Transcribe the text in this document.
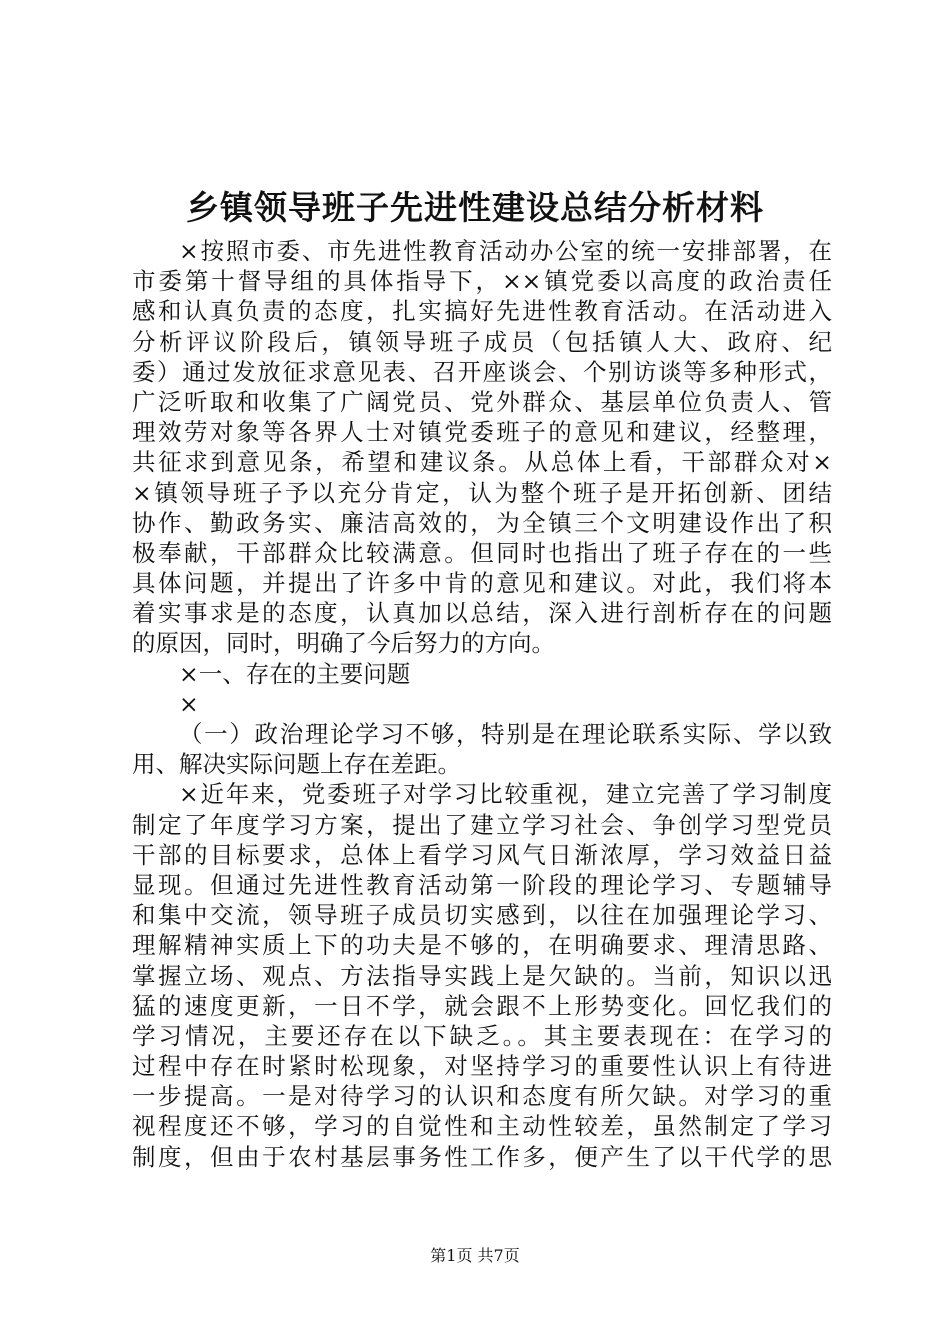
乡镇领导班子先进性建设总结分析材料
×按照市委、市先进性教育活动办公室的统一安排部署，在
市委第十督导组的具体指导下，××镇党委以高度的政治责任
感和认真负责的态度，扎实搞好先进性教育活动。在活动进入
分析评议阶段后，镇领导班子成员（包括镇人大、政府、纪
委）通过发放征求意见表、召开座谈会、个别访谈等多种形式，
广泛听取和收集了广阔党员、党外群众、基层单位负责人、管
理效劳对象等各界人士对镇党委班子的意见和建议，经整理，
共征求到意见条，希望和建议条。从总体上看，干部群众对×
×镇领导班子予以充分肯定，认为整个班子是开拓创新、团结
协作、勤政务实、廉洁高效的，为全镇三个文明建设作出了积
极奉献，干部群众比较满意。但同时也指出了班子存在的一些
具体问题，并提出了许多中肯的意见和建议。对此，我们将本
着实事求是的态度，认真加以总结，深入进行剖析存在的问题
的原因，同时，明确了今后努力的方向。
×一、存在的主要问题
×
（一）政治理论学习不够，特别是在理论联系实际、学以致
用、解决实际问题上存在差距。
×近年来，党委班子对学习比较重视，建立完善了学习制度
制定了年度学习方案，提出了建立学习社会、争创学习型党员
干部的目标要求，总体上看学习风气日渐浓厚，学习效益日益
显现。但通过先进性教育活动第一阶段的理论学习、专题辅导
和集中交流，领导班子成员切实感到，以往在加强理论学习、
理解精神实质上下的功夫是不够的，在明确要求、理清思路、
掌握立场、观点、方法指导实践上是欠缺的。当前，知识以迅
猛的速度更新，一日不学，就会跟不上形势变化。回忆我们的
学习情况，主要还存在以下缺乏。。其主要表现在：在学习的
过程中存在时紧时松现象，对坚持学习的重要性认识上有待进
一步提高。一是对待学习的认识和态度有所欠缺。对学习的重
视程度还不够，学习的自觉性和主动性较差，虽然制定了学习
制度，但由于农村基层事务性工作多，便产生了以干代学的思
第1页 共7页
